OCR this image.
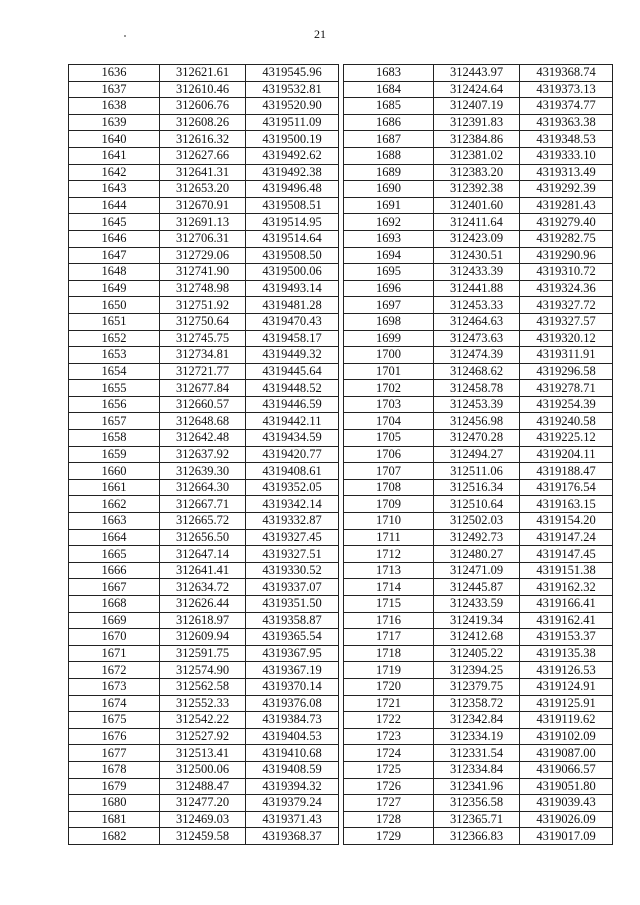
21
1636	312621.61	4319545.96
1637	312610.46	4319532.81
1638	312606.76	4319520.90
1639	312608.26	4319511.09
1640	312616.32	4319500.19
1641	312627.66	4319492.62
1642	312641.31	4319492.38
1643	312653.20	4319496.48
1644	312670.91	4319508.51
1645	312691.13	4319514.95
1646	312706.31	4319514.64
1647	312729.06	4319508.50
1648	312741.90	4319500.06
1649	312748.98	4319493.14
1650	312751.92	4319481.28
1651	312750.64	4319470.43
1652	312745.75	4319458.17
1653	312734.81	4319449.32
1654	312721.77	4319445.64
1655	312677.84	4319448.52
1656	312660.57	4319446.59
1657	312648.68	4319442.11
1658	312642.48	4319434.59
1659	312637.92	4319420.77
1660	312639.30	4319408.61
1661	312664.30	4319352.05
1662	312667.71	4319342.14
1663	312665.72	4319332.87
1664	312656.50	4319327.45
1665	312647.14	4319327.51
1666	312641.41	4319330.52
1667	312634.72	4319337.07
1668	312626.44	4319351.50
1669	312618.97	4319358.87
1670	312609.94	4319365.54
1671	312591.75	4319367.95
1672	312574.90	4319367.19
1673	312562.58	4319370.14
1674	312552.33	4319376.08
1675	312542.22	4319384.73
1676	312527.92	4319404.53
1677	312513.41	4319410.68
1678	312500.06	4319408.59
1679	312488.47	4319394.32
1680	312477.20	4319379.24
1681	312469.03	4319371.43
1682	312459.58	4319368.37
1683	312443.97	4319368.74
1684	312424.64	4319373.13
1685	312407.19	4319374.77
1686	312391.83	4319363.38
1687	312384.86	4319348.53
1688	312381.02	4319333.10
1689	312383.20	4319313.49
1690	312392.38	4319292.39
1691	312401.60	4319281.43
1692	312411.64	4319279.40
1693	312423.09	4319282.75
1694	312430.51	4319290.96
1695	312433.39	4319310.72
1696	312441.88	4319324.36
1697	312453.33	4319327.72
1698	312464.63	4319327.57
1699	312473.63	4319320.12
1700	312474.39	4319311.91
1701	312468.62	4319296.58
1702	312458.78	4319278.71
1703	312453.39	4319254.39
1704	312456.98	4319240.58
1705	312470.28	4319225.12
1706	312494.27	4319204.11
1707	312511.06	4319188.47
1708	312516.34	4319176.54
1709	312510.64	4319163.15
1710	312502.03	4319154.20
1711	312492.73	4319147.24
1712	312480.27	4319147.45
1713	312471.09	4319151.38
1714	312445.87	4319162.32
1715	312433.59	4319166.41
1716	312419.34	4319162.41
1717	312412.68	4319153.37
1718	312405.22	4319135.38
1719	312394.25	4319126.53
1720	312379.75	4319124.91
1721	312358.72	4319125.91
1722	312342.84	4319119.62
1723	312334.19	4319102.09
1724	312331.54	4319087.00
1725	312334.84	4319066.57
1726	312341.96	4319051.80
1727	312356.58	4319039.43
1728	312365.71	4319026.09
1729	312366.83	4319017.09
